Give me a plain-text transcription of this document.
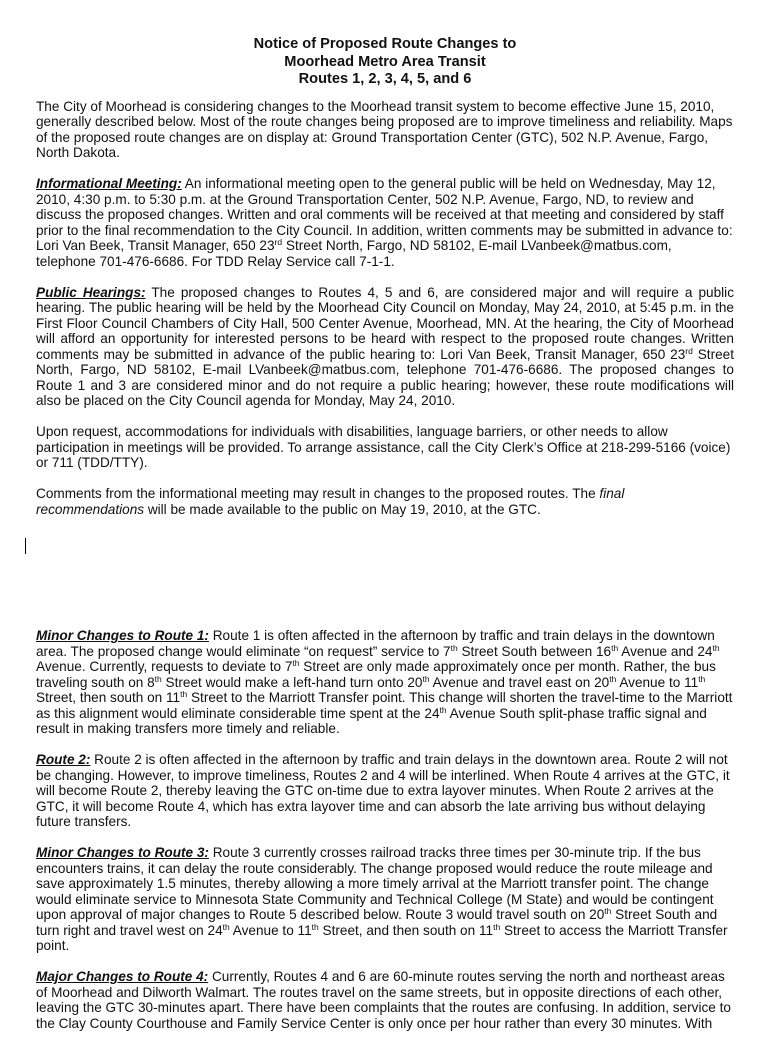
Notice of Proposed Route Changes to
Moorhead Metro Area Transit
Routes 1, 2, 3, 4, 5, and 6

The City of Moorhead is considering changes to the Moorhead transit system to become effective June 15, 2010, generally described below. Most of the route changes being proposed are to improve timeliness and reliability. Maps of the proposed route changes are on display at: Ground Transportation Center (GTC), 502 N.P. Avenue, Fargo, North Dakota.

Informational Meeting: An informational meeting open to the general public will be held on Wednesday, May 12, 2010, 4:30 p.m. to 5:30 p.m. at the Ground Transportation Center, 502 N.P. Avenue, Fargo, ND, to review and discuss the proposed changes. Written and oral comments will be received at that meeting and considered by staff prior to the final recommendation to the City Council. In addition, written comments may be submitted in advance to: Lori Van Beek, Transit Manager, 650 23rd Street North, Fargo, ND 58102, E-mail LVanbeek@matbus.com, telephone 701-476-6686. For TDD Relay Service call 7-1-1.

Public Hearings: The proposed changes to Routes 4, 5 and 6, are considered major and will require a public hearing. The public hearing will be held by the Moorhead City Council on Monday, May 24, 2010, at 5:45 p.m. in the First Floor Council Chambers of City Hall, 500 Center Avenue, Moorhead, MN. At the hearing, the City of Moorhead will afford an opportunity for interested persons to be heard with respect to the proposed route changes. Written comments may be submitted in advance of the public hearing to: Lori Van Beek, Transit Manager, 650 23rd Street North, Fargo, ND 58102, E-mail LVanbeek@matbus.com, telephone 701-476-6686. The proposed changes to Route 1 and 3 are considered minor and do not require a public hearing; however, these route modifications will also be placed on the City Council agenda for Monday, May 24, 2010.

Upon request, accommodations for individuals with disabilities, language barriers, or other needs to allow participation in meetings will be provided. To arrange assistance, call the City Clerk’s Office at 218-299-5166 (voice) or 711 (TDD/TTY).

Comments from the informational meeting may result in changes to the proposed routes. The final recommendations will be made available to the public on May 19, 2010, at the GTC.

Minor Changes to Route 1: Route 1 is often affected in the afternoon by traffic and train delays in the downtown area. The proposed change would eliminate “on request” service to 7th Street South between 16th Avenue and 24th Avenue. Currently, requests to deviate to 7th Street are only made approximately once per month. Rather, the bus traveling south on 8th Street would make a left-hand turn onto 20th Avenue and travel east on 20th Avenue to 11th Street, then south on 11th Street to the Marriott Transfer point. This change will shorten the travel-time to the Marriott as this alignment would eliminate considerable time spent at the 24th Avenue South split-phase traffic signal and result in making transfers more timely and reliable.

Route 2: Route 2 is often affected in the afternoon by traffic and train delays in the downtown area. Route 2 will not be changing. However, to improve timeliness, Routes 2 and 4 will be interlined. When Route 4 arrives at the GTC, it will become Route 2, thereby leaving the GTC on-time due to extra layover minutes. When Route 2 arrives at the GTC, it will become Route 4, which has extra layover time and can absorb the late arriving bus without delaying future transfers.

Minor Changes to Route 3: Route 3 currently crosses railroad tracks three times per 30-minute trip. If the bus encounters trains, it can delay the route considerably. The change proposed would reduce the route mileage and save approximately 1.5 minutes, thereby allowing a more timely arrival at the Marriott transfer point. The change would eliminate service to Minnesota State Community and Technical College (M State) and would be contingent upon approval of major changes to Route 5 described below. Route 3 would travel south on 20th Street South and turn right and travel west on 24th Avenue to 11th Street, and then south on 11th Street to access the Marriott Transfer point.

Major Changes to Route 4: Currently, Routes 4 and 6 are 60-minute routes serving the north and northeast areas of Moorhead and Dilworth Walmart. The routes travel on the same streets, but in opposite directions of each other, leaving the GTC 30-minutes apart. There have been complaints that the routes are confusing. In addition, service to the Clay County Courthouse and Family Service Center is only once per hour rather than every 30 minutes. With
